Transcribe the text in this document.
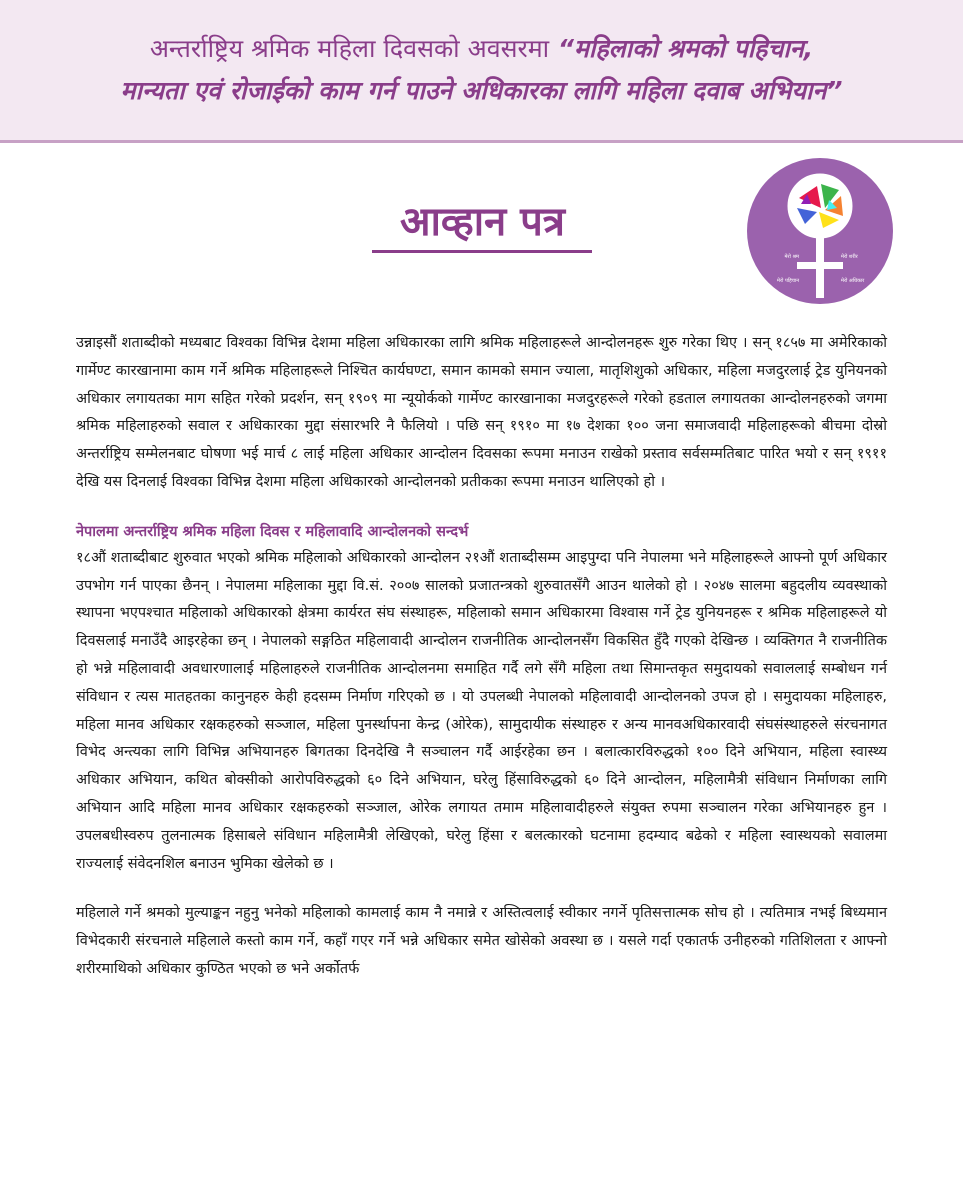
अन्तर्राष्ट्रिय श्रमिक महिला दिवसको अवसरमा “महिलाको श्रमको पहिचान,
मान्यता एवं रोजाईको काम गर्न पाउने अधिकारका लागि महिला दवाब अभियान”
आव्हान पत्र
मेरो श्रम	मेरो शरीर
मेरो पहिचान	मेरो अधिकार

उन्नाइसौं शताब्दीको मध्यबाट विश्वका विभिन्न देशमा महिला अधिकारका लागि श्रमिक महिलाहरूले आन्दोलनहरू शुरु गरेका थिए । सन् १८५७ मा अमेरिकाको गार्मेण्ट कारखानामा काम गर्ने श्रमिक महिलाहरूले निश्चित कार्यघण्टा, समान कामको समान ज्याला, मातृशिशुको अधिकार, महिला मजदुरलाई ट्रेड युनियनको अधिकार लगायतका माग सहित गरेको प्रदर्शन, सन् १९०९ मा न्यूयोर्कको गार्मेण्ट कारखानाका मजदुरहरूले गरेको हडताल लगायतका आन्दोलनहरुको जगमा श्रमिक महिलाहरुको सवाल र अधिकारका मुद्दा संसारभरि नै फैलियो । पछि सन् १९१० मा १७ देशका १०० जना समाजवादी महिलाहरूको बीचमा दोस्रो अन्तर्राष्ट्रिय सम्मेलनबाट घोषणा भई मार्च ८ लाई महिला अधिकार आन्दोलन दिवसका रूपमा मनाउन राखेको प्रस्ताव सर्वसम्मतिबाट पारित भयो र सन् १९११ देखि यस दिनलाई विश्वका विभिन्न देशमा महिला अधिकारको आन्दोलनको प्रतीकका रूपमा मनाउन थालिएको हो ।

नेपालमा अन्तर्राष्ट्रिय श्रमिक महिला दिवस र महिलावादि आन्दोलनको सन्दर्भ

१८औं शताब्दीबाट शुरुवात भएको श्रमिक महिलाको अधिकारको आन्दोलन २१औं शताब्दीसम्म आइपुग्दा पनि नेपालमा भने महिलाहरूले आफ्नो पूर्ण अधिकार उपभोग गर्न पाएका छैनन् । नेपालमा महिलाका मुद्दा वि.सं. २००७ सालको प्रजातन्त्रको शुरुवातसँगै आउन थालेको हो । २०४७ सालमा बहुदलीय व्यवस्थाको स्थापना भएपश्चात महिलाको अधिकारको क्षेत्रमा कार्यरत संघ संस्थाहरू, महिलाको समान अधिकारमा विश्वास गर्ने ट्रेड युनियनहरू र श्रमिक महिलाहरूले यो दिवसलाई मनाउँदै आइरहेका छन् । नेपालको सङ्गठित महिलावादी आन्दोलन राजनीतिक आन्दोलनसँग विकसित हुँदै गएको देखिन्छ । व्यक्तिगत नै राजनीतिक हो भन्ने महिलावादी अवधारणालाई महिलाहरुले राजनीतिक आन्दोलनमा समाहित गर्दै लगे सँगै महिला तथा सिमान्तकृत समुदायको सवाललाई सम्बोधन गर्न संविधान र त्यस मातहतका कानुनहरु केही हदसम्म निर्माण गरिएको छ । यो उपलब्धी नेपालको महिलावादी आन्दोलनको उपज हो । समुदायका महिलाहरु, महिला मानव अधिकार रक्षकहरुको सञ्जाल, महिला पुनर्स्थापना केन्द्र (ओरेक), सामुदायीक संस्थाहरु र अन्य मानवअधिकारवादी संघसंस्थाहरुले संरचनागत विभेद अन्त्यका लागि विभिन्न अभियानहरु बिगतका दिनदेखि नै सञ्चालन गर्दै आईरहेका छन । बलात्कारविरुद्धको १०० दिने अभियान, महिला स्वास्थ्य अधिकार अभियान, कथित बोक्सीको आरोपविरुद्धको ६० दिने अभियान, घरेलु हिंसाविरुद्धको ६० दिने आन्दोलन, महिलामैत्री संविधान निर्माणका लागि अभियान आदि महिला मानव अधिकार रक्षकहरुको सञ्जाल, ओरेक लगायत तमाम महिलावादीहरुले संयुक्त रुपमा सञ्चालन गरेका अभियानहरु हुन । उपलबधीस्वरुप तुलनात्मक हिसाबले संविधान महिलामैत्री लेखिएको, घरेलु हिंसा र बलत्कारको घटनामा हदम्याद बढेको र महिला स्वास्थयको सवालमा राज्यलाई संवेदनशिल बनाउन भुमिका खेलेको छ ।

महिलाले गर्ने श्रमको मुल्याङ्कन नहुनु भनेको महिलाको कामलाई काम नै नमान्ने र अस्तित्वलाई स्वीकार नगर्ने पृतिसत्तात्मक सोच हो । त्यतिमात्र नभई बिध्यमान विभेदकारी संरचनाले महिलाले कस्तो काम गर्ने, कहाँ गएर गर्ने भन्ने अधिकार समेत खोसेको अवस्था छ । यसले गर्दा एकातर्फ उनीहरुको गतिशिलता र आफ्नो शरीरमाथिको अधिकार कुण्ठित भएको छ भने अर्कोतर्फ
